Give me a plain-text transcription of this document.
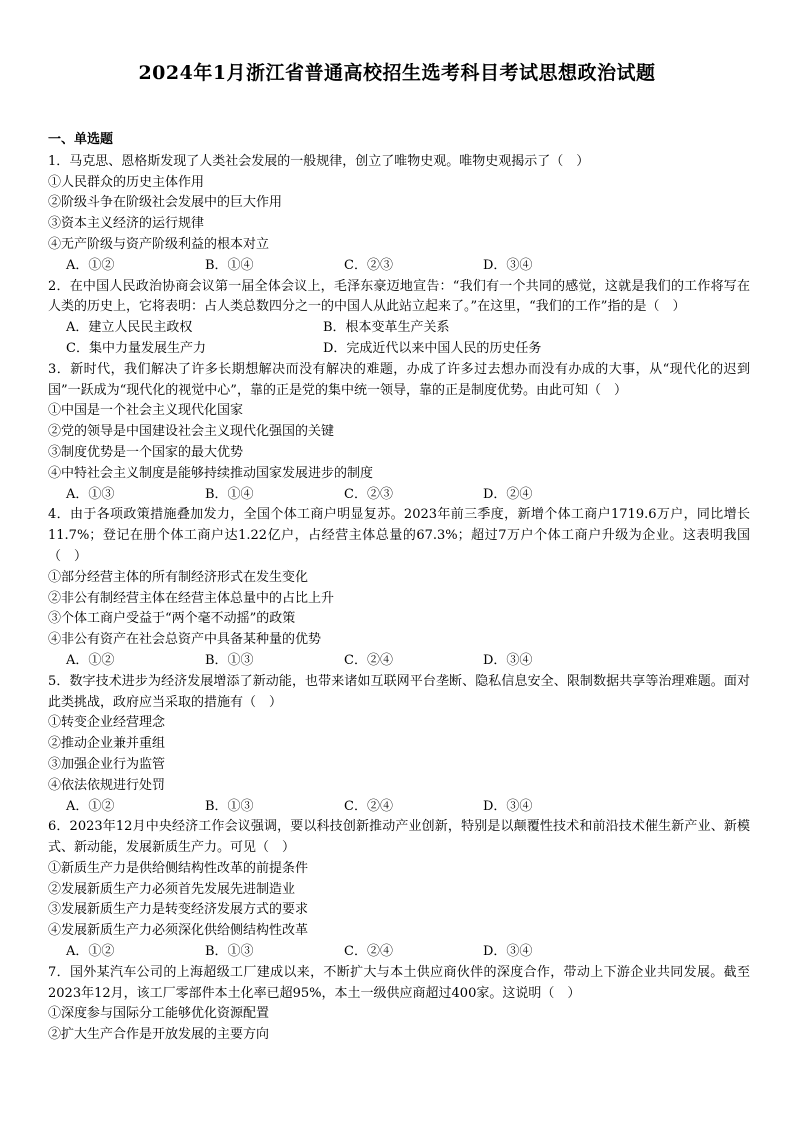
2024年1月浙江省普通高校招生选考科目考试思想政治试题
一、单选题
1．马克思、恩格斯发现了人类社会发展的一般规律，创立了唯物史观。唯物史观揭示了（　）
①人民群众的历史主体作用
②阶级斗争在阶级社会发展中的巨大作用
③资本主义经济的运行规律
④无产阶级与资产阶级利益的根本对立
A．①②	B．①④	C．②③	D．③④
2．在中国人民政治协商会议第一届全体会议上，毛泽东豪迈地宣告：“我们有一个共同的感觉，这就是我们的工作将写在人类的历史上，它将表明：占人类总数四分之一的中国人从此站立起来了。”在这里，“我们的工作”指的是（　）
A．建立人民民主政权	B．根本变革生产关系
C．集中力量发展生产力	D．完成近代以来中国人民的历史任务
3．新时代，我们解决了许多长期想解决而没有解决的难题，办成了许多过去想办而没有办成的大事，从“现代化的迟到国”一跃成为“现代化的视觉中心”，靠的正是党的集中统一领导，靠的正是制度优势。由此可知（　）
①中国是一个社会主义现代化国家
②党的领导是中国建设社会主义现代化强国的关键
③制度优势是一个国家的最大优势
④中特社会主义制度是能够持续推动国家发展进步的制度
A．①③	B．①④	C．②③	D．②④
4．由于各项政策措施叠加发力，全国个体工商户明显复苏。2023年前三季度，新增个体工商户1719.6万户，同比增长11.7%；登记在册个体工商户达1.22亿户，占经营主体总量的67.3%；超过7万户个体工商户升级为企业。这表明我国（　）
①部分经营主体的所有制经济形式在发生变化
②非公有制经营主体在经营主体总量中的占比上升
③个体工商户受益于“两个毫不动摇”的政策
④非公有资产在社会总资产中具备某种量的优势
A．①②	B．①③	C．②④	D．③④
5．数字技术进步为经济发展增添了新动能，也带来诸如互联网平台垄断、隐私信息安全、限制数据共享等治理难题。面对此类挑战，政府应当采取的措施有（　）
①转变企业经营理念
②推动企业兼并重组
③加强企业行为监管
④依法依规进行处罚
A．①②	B．①③	C．②④	D．③④
6．2023年12月中央经济工作会议强调，要以科技创新推动产业创新，特别是以颠覆性技术和前沿技术催生新产业、新模式、新动能，发展新质生产力。可见（　）
①新质生产力是供给侧结构性改革的前提条件
②发展新质生产力必须首先发展先进制造业
③发展新质生产力是转变经济发展方式的要求
④发展新质生产力必须深化供给侧结构性改革
A．①②	B．①③	C．②④	D．③④
7．国外某汽车公司的上海超级工厂建成以来，不断扩大与本土供应商伙伴的深度合作，带动上下游企业共同发展。截至2023年12月，该工厂零部件本土化率已超95%，本土一级供应商超过400家。这说明（　）
①深度参与国际分工能够优化资源配置
②扩大生产合作是开放发展的主要方向
